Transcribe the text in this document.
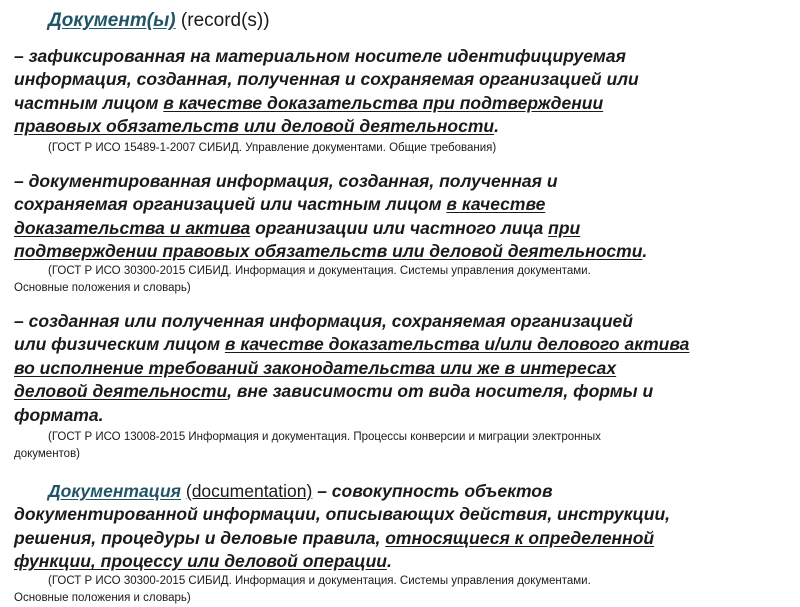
Документ(ы) (record(s))
– зафиксированная на материальном носителе идентифицируемая
информация, созданная, полученная и сохраняемая организацией или
частным лицом в качестве доказательства при подтверждении
правовых обязательств или деловой деятельности.
(ГОСТ Р ИСО 15489-1-2007 СИБИД. Управление документами. Общие требования)
– документированная информация, созданная, полученная и
сохраняемая организацией или частным лицом в качестве
доказательства и актива организации или частного лица при
подтверждении правовых обязательств или деловой деятельности.
(ГОСТ Р ИСО 30300-2015 СИБИД. Информация и документация. Системы управления документами.
Основные положения и словарь)
– созданная или полученная информация, сохраняемая организацией
или физическим лицом в качестве доказательства и/или делового актива
во исполнение требований законодательства или же в интересах
деловой деятельности, вне зависимости от вида носителя, формы и
формата.
(ГОСТ Р ИСО 13008-2015 Информация и документация. Процессы конверсии и миграции электронных
документов)
Документация (documentation) – совокупность объектов
документированной информации, описывающих действия, инструкции,
решения, процедуры и деловые правила, относящиеся к определенной
функции, процессу или деловой операции.
(ГОСТ Р ИСО 30300-2015 СИБИД. Информация и документация. Системы управления документами.
Основные положения и словарь)
